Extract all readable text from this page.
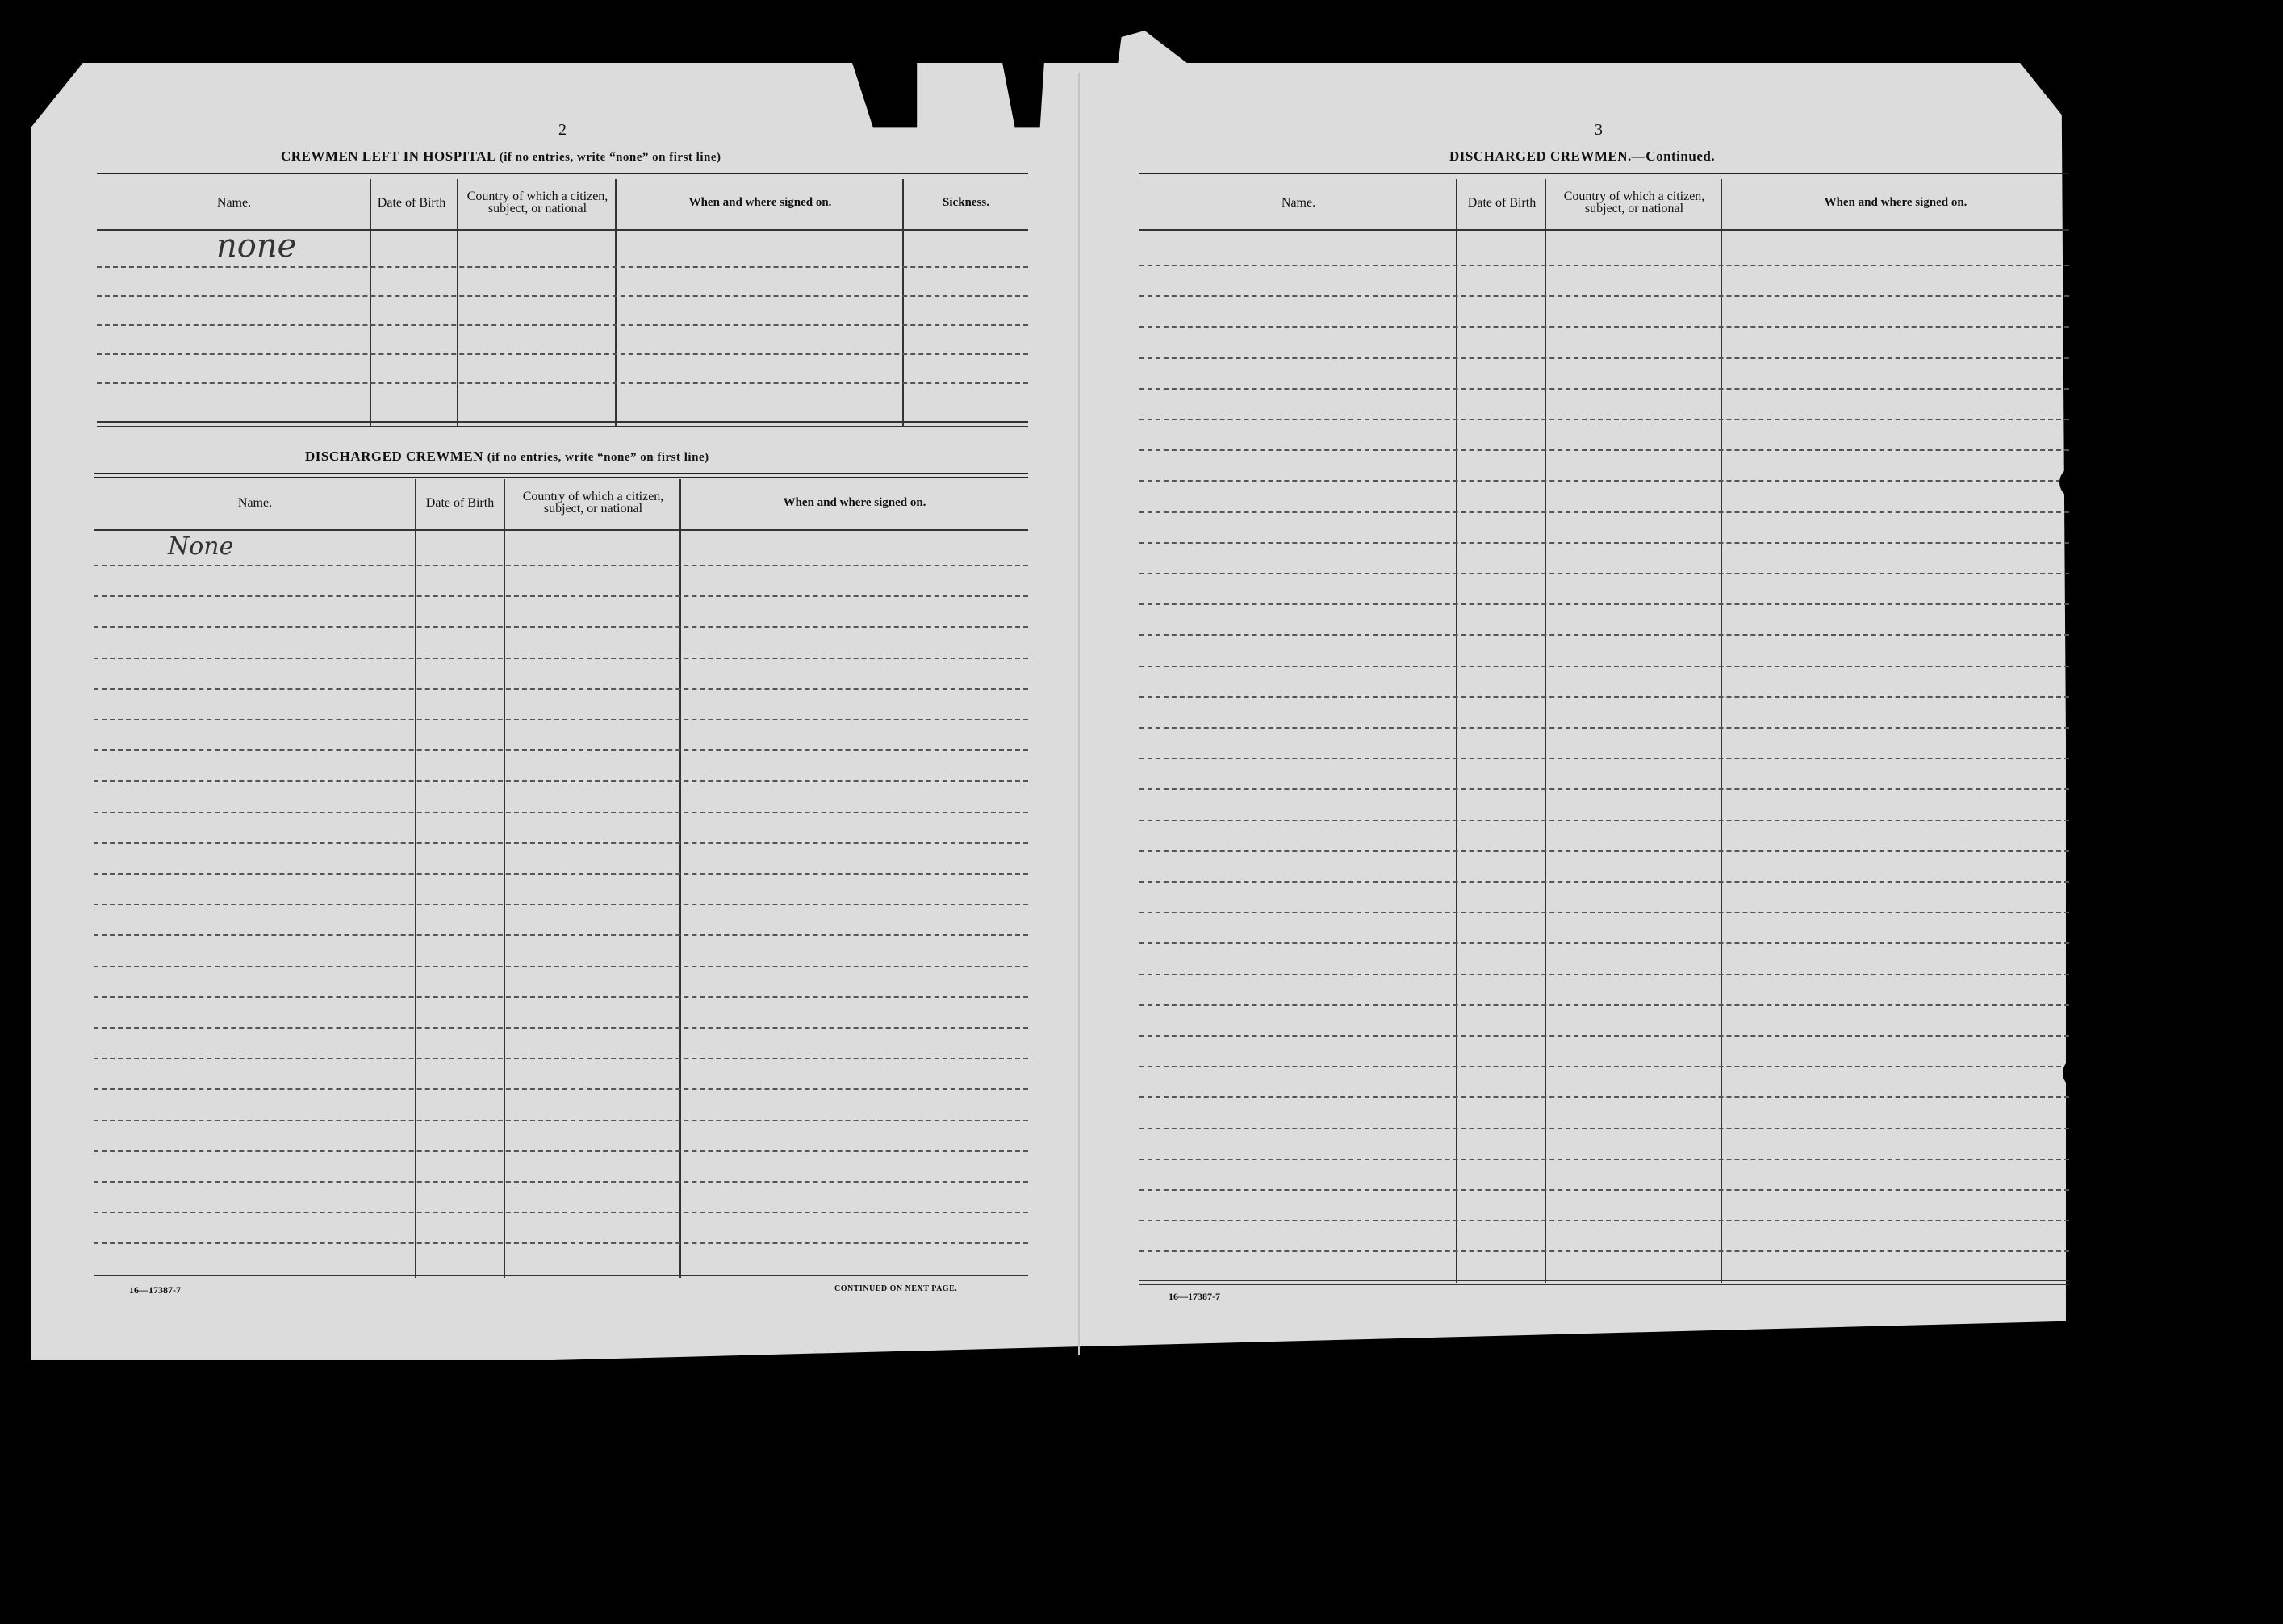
2
CREWMEN LEFT IN HOSPITAL (if no entries, write “none” on first line)
Name.	Date of Birth	Country of which a citizen, subject, or national	When and where signed on.	Sickness.
none
DISCHARGED CREWMEN (if no entries, write “none” on first line)
Name.	Date of Birth	Country of which a citizen, subject, or national	When and where signed on.
None
16—17387-7	CONTINUED ON NEXT PAGE.
3
DISCHARGED CREWMEN.—Continued.
Name.	Date of Birth	Country of which a citizen, subject, or national	When and where signed on.
16—17387-7
